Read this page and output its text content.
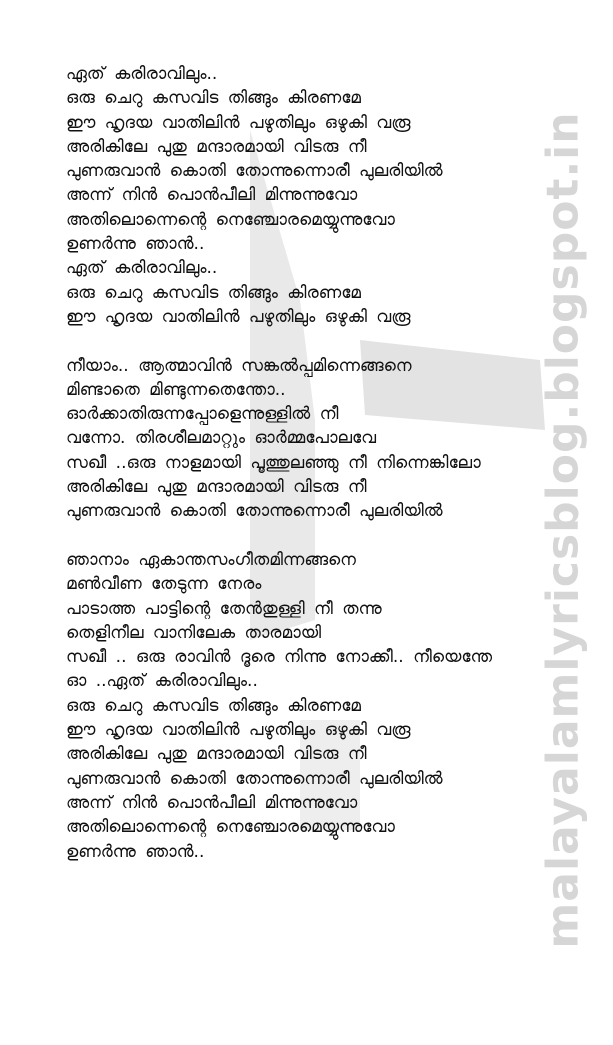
malayalamlyricsblog.blogspot.in
ഏത് കരിരാവിലും..
ഒരു ചെറു കസവിട തിങ്ങും കിരണമേ
ഈ ഹൃദയ വാതിലിൻ പഴുതിലും ഒഴുകി വരൂ
അരികിലേ പുതു മന്ദാരമായി വിടരു നീ
പുണരുവാൻ കൊതി തോന്നുന്നൊരീ പുലരിയിൽ
അന്ന് നിൻ പൊൻപീലി മിന്നുന്നുവോ
അതിലൊന്നെന്റെ നെഞ്ചോരമെയ്യുന്നുവോ
ഉണർന്നു ഞാൻ..
ഏത് കരിരാവിലും..
ഒരു ചെറു കസവിട തിങ്ങും കിരണമേ
ഈ ഹൃദയ വാതിലിൻ പഴുതിലും ഒഴുകി വരൂ
നീയാം.. ആത്മാവിൻ സങ്കൽപ്പമിന്നെങ്ങനെ
മിണ്ടാതെ മിണ്ടുന്നതെന്തോ..
ഓർക്കാതിരുന്നപ്പോളെന്നുള്ളിൽ നീ
വന്നോ. തിരശീലമാറ്റും ഓർമ്മപോലവേ
സഖീ ..ഒരു നാളമായി പൂത്തുലഞ്ഞു നീ നിന്നെങ്കിലോ
അരികിലേ പുതു മന്ദാരമായി വിടരു നീ
പുണരുവാൻ കൊതി തോന്നുന്നൊരീ പുലരിയിൽ
ഞാനാം ഏകാന്തസംഗീതമിന്നങ്ങനെ
മൺവീണ തേടുന്ന നേരം
പാടാത്ത പാട്ടിന്റെ തേൻതുള്ളി നീ തന്നു
തെളിനീല വാനിലേക താരമായി
സഖീ .. ഒരു രാവിൻ ദൂരെ നിന്നു നോക്കീ.. നീയെന്തേ
ഓ ..ഏത് കരിരാവിലും..
ഒരു ചെറു കസവിട തിങ്ങും കിരണമേ
ഈ ഹൃദയ വാതിലിൻ പഴുതിലും ഒഴുകി വരൂ
അരികിലേ പുതു മന്ദാരമായി വിടരു നീ
പുണരുവാൻ കൊതി തോന്നുന്നൊരീ പുലരിയിൽ
അന്ന് നിൻ പൊൻപീലി മിന്നുന്നുവോ
അതിലൊന്നെന്റെ നെഞ്ചോരമെയ്യുന്നുവോ
ഉണർന്നു ഞാൻ..
